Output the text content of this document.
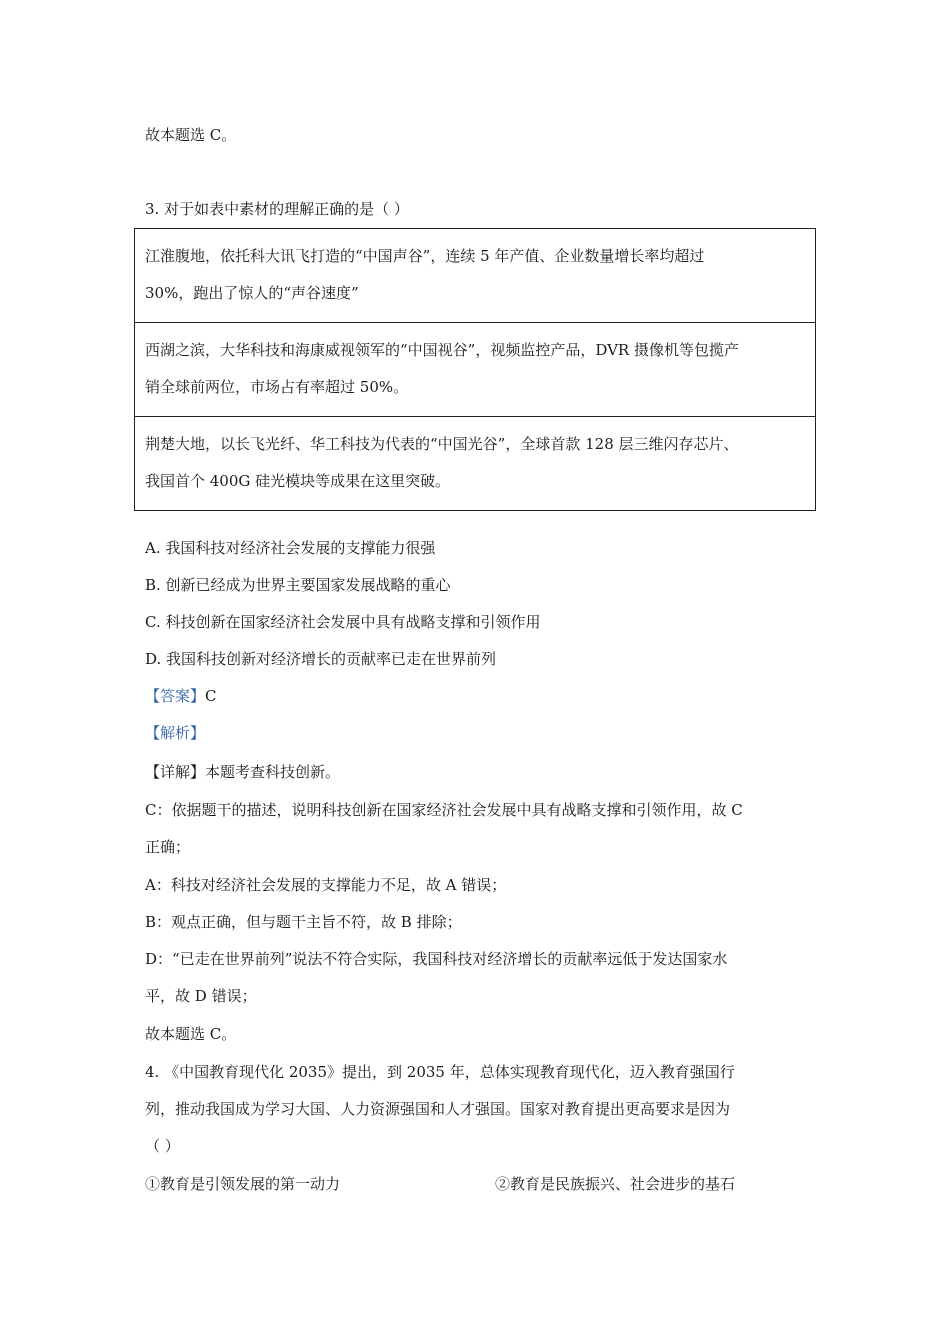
故本题选 C。
3. 对于如表中素材的理解正确的是（ ）
江淮腹地，依托科大讯飞打造的“中国声谷”，连续 5 年产值、企业数量增长率均超过
30%，跑出了惊人的“声谷速度”

西湖之滨，大华科技和海康威视领军的“中国视谷”，视频监控产品，DVR 摄像机等包揽产
销全球前两位，市场占有率超过 50%。

荆楚大地，以长飞光纤、华工科技为代表的“中国光谷”，全球首款 128 层三维闪存芯片、
我国首个 400G 硅光模块等成果在这里突破。
A. 我国科技对经济社会发展的支撑能力很强
B. 创新已经成为世界主要国家发展战略的重心
C. 科技创新在国家经济社会发展中具有战略支撑和引领作用
D. 我国科技创新对经济增长的贡献率已走在世界前列
【答案】C
【解析】
【详解】本题考查科技创新。
C：依据题干的描述，说明科技创新在国家经济社会发展中具有战略支撑和引领作用，故 C
正确；
A：科技对经济社会发展的支撑能力不足，故 A 错误；
B：观点正确，但与题干主旨不符，故 B 排除；
D：“已走在世界前列”说法不符合实际，我国科技对经济增长的贡献率远低于发达国家水
平，故 D 错误；
故本题选 C。
4. 《中国教育现代化 2035》提出，到 2035 年，总体实现教育现代化，迈入教育强国行
列，推动我国成为学习大国、人力资源强国和人才强国。国家对教育提出更高要求是因为
（ ）
①教育是引领发展的第一动力	②教育是民族振兴、社会进步的基石
